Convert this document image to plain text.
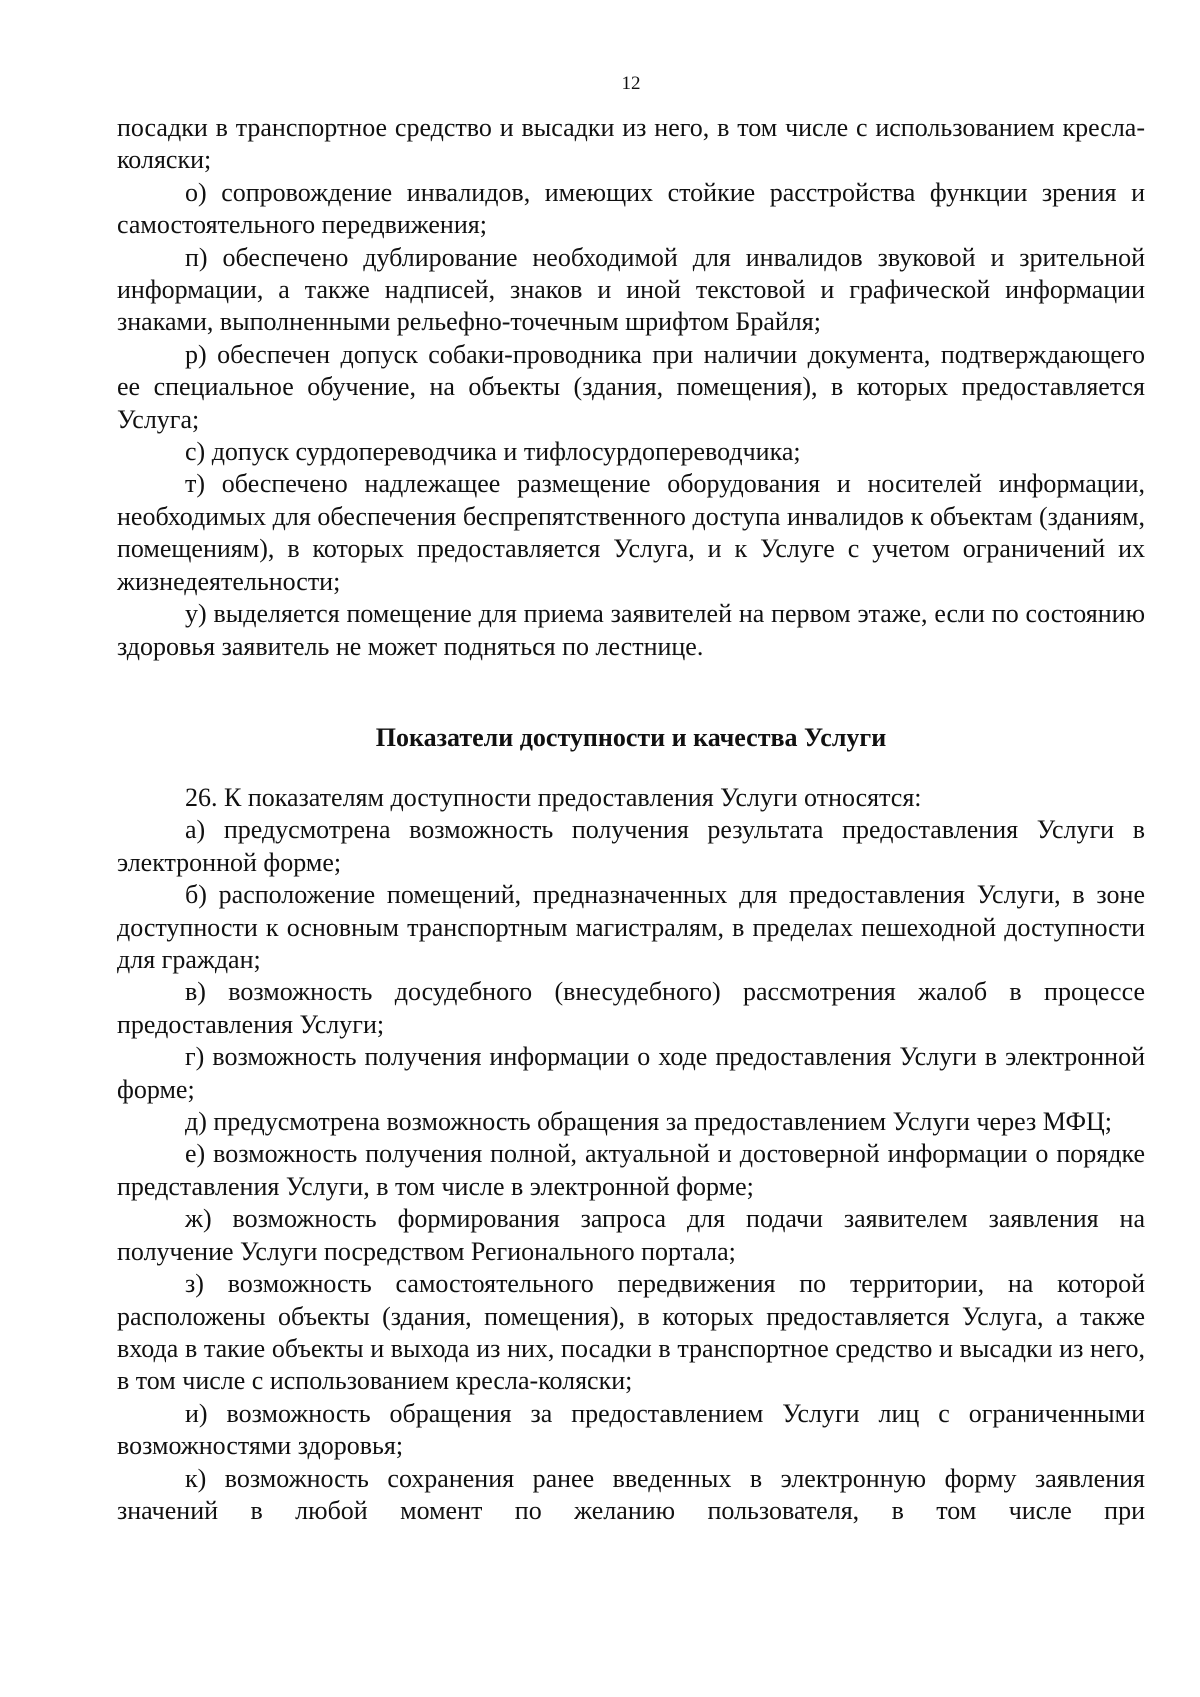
12

посадки в транспортное средство и высадки из него, в том числе с использованием кресла-коляски;

о) сопровождение инвалидов, имеющих стойкие расстройства функции зрения и самостоятельного передвижения;

п) обеспечено дублирование необходимой для инвалидов звуковой и зрительной информации, а также надписей, знаков и иной текстовой и графической информации знаками, выполненными рельефно-точечным шрифтом Брайля;

р) обеспечен допуск собаки-проводника при наличии документа, подтверждающего ее специальное обучение, на объекты (здания, помещения), в которых предоставляется Услуга;

с) допуск сурдопереводчика и тифлосурдопереводчика;

т) обеспечено надлежащее размещение оборудования и носителей информации, необходимых для обеспечения беспрепятственного доступа инвалидов к объектам (зданиям, помещениям), в которых предоставляется Услуга, и к Услуге с учетом ограничений их жизнедеятельности;

у) выделяется помещение для приема заявителей на первом этаже, если по состоянию здоровья заявитель не может подняться по лестнице.

Показатели доступности и качества Услуги

26. К показателям доступности предоставления Услуги относятся:

а) предусмотрена возможность получения результата предоставления Услуги в электронной форме;

б) расположение помещений, предназначенных для предоставления Услуги, в зоне доступности к основным транспортным магистралям, в пределах пешеходной доступности для граждан;

в) возможность досудебного (внесудебного) рассмотрения жалоб в процессе предоставления Услуги;

г) возможность получения информации о ходе предоставления Услуги в электронной форме;

д) предусмотрена возможность обращения за предоставлением Услуги через МФЦ;

е) возможность получения полной, актуальной и достоверной информации о порядке представления Услуги, в том числе в электронной форме;

ж) возможность формирования запроса для подачи заявителем заявления на получение Услуги посредством Регионального портала;

з) возможность самостоятельного передвижения по территории, на которой расположены объекты (здания, помещения), в которых предоставляется Услуга, а также входа в такие объекты и выхода из них, посадки в транспортное средство и высадки из него, в том числе с использованием кресла-коляски;

и) возможность обращения за предоставлением Услуги лиц с ограниченными возможностями здоровья;

к) возможность сохранения ранее введенных в электронную форму заявления значений в любой момент по желанию пользователя, в том числе при
